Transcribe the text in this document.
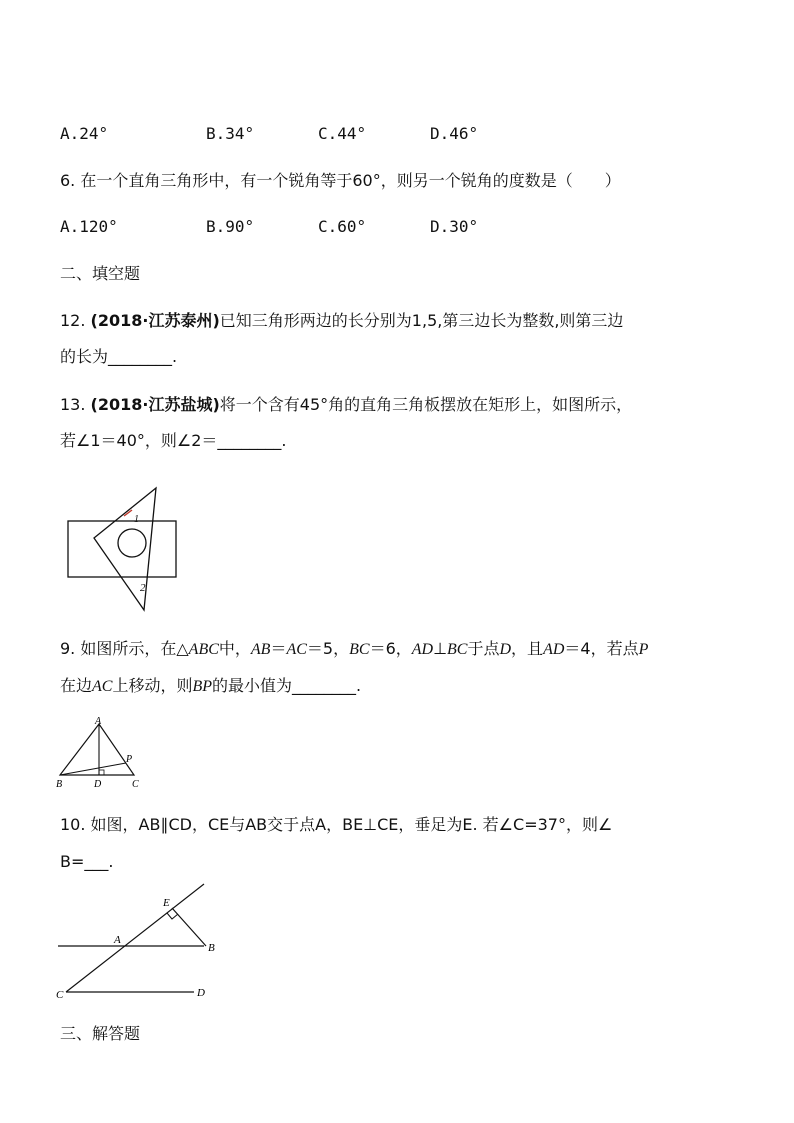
A.24°	B.34°	C.44°	D.46°
6. 在一个直角三角形中，有一个锐角等于60°，则另一个锐角的度数是（　　）
A.120°	B.90°	C.60°	D.30°
二、填空题
12. (2018·江苏泰州)已知三角形两边的长分别为1,5,第三边长为整数,则第三边
的长为________.
13. (2018·江苏盐城)将一个含有45°角的直角三角板摆放在矩形上，如图所示，
若∠1＝40°，则∠2＝________.
1
2
9. 如图所示，在△ABC中，AB＝AC＝5，BC＝6，AD⊥BC于点D，且AD＝4，若点P
在边AC上移动，则BP的最小值为________.
A
B	D	C
P
10. 如图，AB∥CD，CE与AB交于点A，BE⊥CE，垂足为E. 若∠C=37°，则∠
B=___.
E
A
B
C	D
三、解答题
